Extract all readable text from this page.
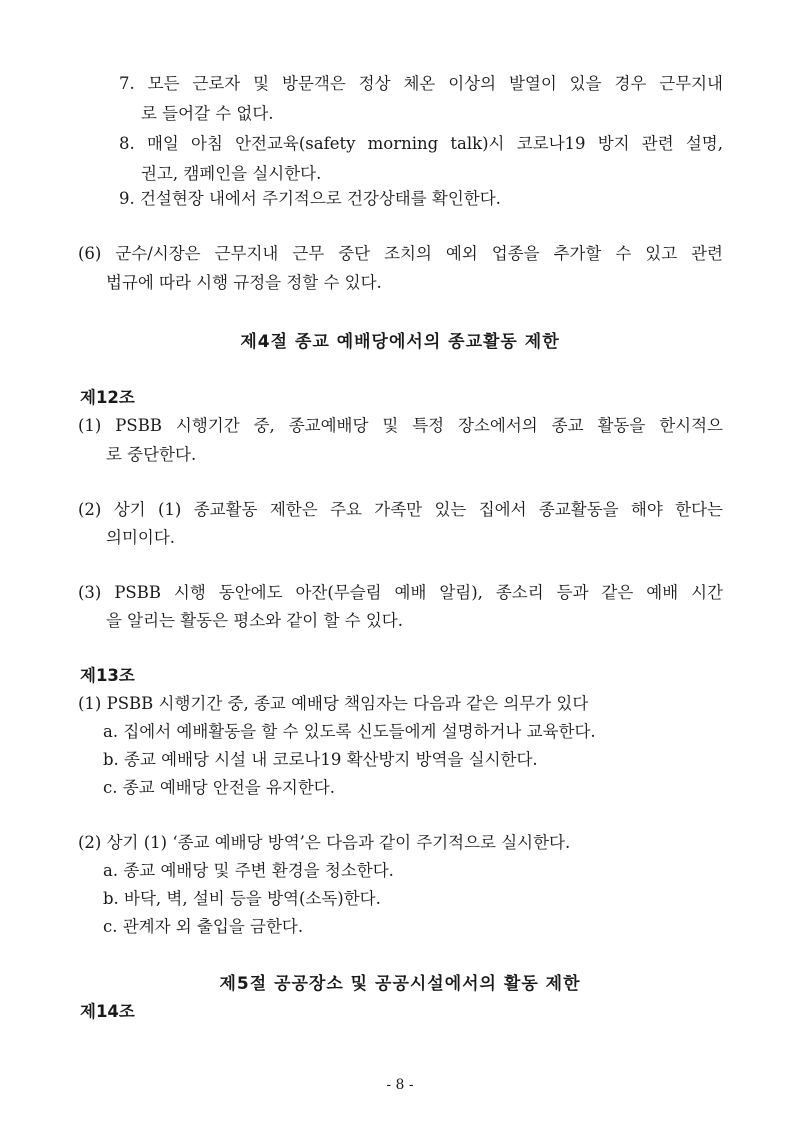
7. 모든 근로자 및 방문객은 정상 체온 이상의 발열이 있을 경우 근무지내
로 들어갈 수 없다.
8. 매일 아침 안전교육(safety morning talk)시 코로나19 방지 관련 설명,
권고, 캠페인을 실시한다.
9. 건설현장 내에서 주기적으로 건강상태를 확인한다.
(6) 군수/시장은 근무지내 근무 중단 조치의 예외 업종을 추가할 수 있고 관련
법규에 따라 시행 규정을 정할 수 있다.
제4절 종교 예배당에서의 종교활동 제한
제12조
(1) PSBB 시행기간 중, 종교예배당 및 특정 장소에서의 종교 활동을 한시적으
로 중단한다.
(2) 상기 (1) 종교활동 제한은 주요 가족만 있는 집에서 종교활동을 해야 한다는
의미이다.
(3) PSBB 시행 동안에도 아잔(무슬림 예배 알림), 종소리 등과 같은 예배 시간
을 알리는 활동은 평소와 같이 할 수 있다.
제13조
(1) PSBB 시행기간 중, 종교 예배당 책임자는 다음과 같은 의무가 있다
a. 집에서 예배활동을 할 수 있도록 신도들에게 설명하거나 교육한다.
b. 종교 예배당 시설 내 코로나19 확산방지 방역을 실시한다.
c. 종교 예배당 안전을 유지한다.
(2) 상기 (1) ‘종교 예배당 방역’은 다음과 같이 주기적으로 실시한다.
a. 종교 예배당 및 주변 환경을 청소한다.
b. 바닥, 벽, 설비 등을 방역(소독)한다.
c. 관계자 외 출입을 금한다.
제5절 공공장소 및 공공시설에서의 활동 제한
제14조
- 8 -
